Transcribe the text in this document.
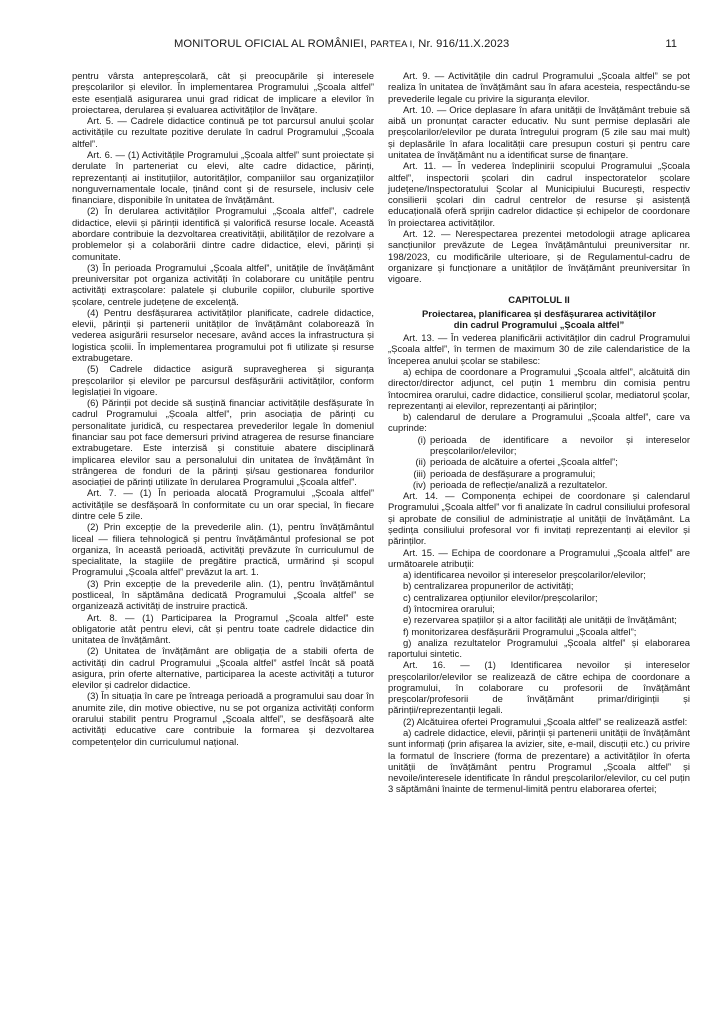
MONITORUL OFICIAL AL ROMÂNIEI, PARTEA I, Nr. 916/11.X.2023	11

pentru vârsta antepreșcolară, cât și preocupările și interesele preșcolarilor și elevilor. În implementarea Programului „Școala altfel” este esențială asigurarea unui grad ridicat de implicare a elevilor în proiectarea, derularea și evaluarea activităților de învățare.

Art. 5. — Cadrele didactice continuă pe tot parcursul anului școlar activitățile cu rezultate pozitive derulate în cadrul Programului „Școala altfel”.

Art. 6. — (1) Activitățile Programului „Școala altfel” sunt proiectate și derulate în parteneriat cu elevi, alte cadre didactice, părinți, reprezentanți ai instituțiilor, autorităților, companiilor sau organizațiilor nonguvernamentale locale, ținând cont și de resursele, inclusiv cele financiare, disponibile în unitatea de învățământ.

(2) În derularea activităților Programului „Școala altfel”, cadrele didactice, elevii și părinții identifică și valorifică resurse locale. Această abordare contribuie la dezvoltarea creativității, abilităților de rezolvare a problemelor și a colaborării dintre cadre didactice, elevi, părinți și comunitate.

(3) În perioada Programului „Școala altfel”, unitățile de învățământ preuniversitar pot organiza activități în colaborare cu unitățile pentru activități extrașcolare: palatele și cluburile copiilor, cluburile sportive școlare, centrele județene de excelență.

(4) Pentru desfășurarea activităților planificate, cadrele didactice, elevii, părinții și partenerii unităților de învățământ colaborează în vederea asigurării resurselor necesare, având acces la infrastructura și logistica școlii. În implementarea programului pot fi utilizate și resurse extrabugetare.

(5) Cadrele didactice asigură supravegherea și siguranța preșcolarilor și elevilor pe parcursul desfășurării activităților, conform legislației în vigoare.

(6) Părinții pot decide să susțină financiar activitățile desfășurate în cadrul Programului „Școala altfel”, prin asociația de părinți cu personalitate juridică, cu respectarea prevederilor legale în domeniul financiar sau pot face demersuri privind atragerea de resurse financiare extrabugetare. Este interzisă și constituie abatere disciplinară implicarea elevilor sau a personalului din unitatea de învățământ în strângerea de fonduri de la părinți și/sau gestionarea fondurilor asociației de părinți utilizate în derularea Programului „Școala altfel”.

Art. 7. — (1) În perioada alocată Programului „Școala altfel” activitățile se desfășoară în conformitate cu un orar special, în fiecare dintre cele 5 zile.

(2) Prin excepție de la prevederile alin. (1), pentru învățământul liceal — filiera tehnologică și pentru învățământul profesional se pot organiza, în această perioadă, activități prevăzute în curriculumul de specialitate, la stagiile de pregătire practică, urmărind și scopul Programului „Școala altfel” prevăzut la art. 1.

(3) Prin excepție de la prevederile alin. (1), pentru învățământul postliceal, în săptămâna dedicată Programului „Școala altfel” se organizează activități de instruire practică.

Art. 8. — (1) Participarea la Programul „Școala altfel” este obligatorie atât pentru elevi, cât și pentru toate cadrele didactice din unitatea de învățământ.

(2) Unitatea de învățământ are obligația de a stabili oferta de activități din cadrul Programului „Școala altfel” astfel încât să poată asigura, prin oferte alternative, participarea la aceste activități a tuturor elevilor și cadrelor didactice.

(3) În situația în care pe întreaga perioadă a programului sau doar în anumite zile, din motive obiective, nu se pot organiza activități conform orarului stabilit pentru Programul „Școala altfel”, se desfășoară alte activități educative care contribuie la formarea și dezvoltarea competențelor din curriculumul național.

Art. 9. — Activitățile din cadrul Programului „Școala altfel” se pot realiza în unitatea de învățământ sau în afara acesteia, respectându-se prevederile legale cu privire la siguranța elevilor.

Art. 10. — Orice deplasare în afara unității de învățământ trebuie să aibă un pronunțat caracter educativ. Nu sunt permise deplasări ale preșcolarilor/elevilor pe durata întregului program (5 zile sau mai mult) și deplasările în afara localității care presupun costuri și pentru care unitatea de învățământ nu a identificat surse de finanțare.

Art. 11. — În vederea îndeplinirii scopului Programului „Școala altfel”, inspectorii școlari din cadrul inspectoratelor școlare județene/Inspectoratului Școlar al Municipiului București, respectiv consilierii școlari din cadrul centrelor de resurse și asistență educațională oferă sprijin cadrelor didactice și echipelor de coordonare în proiectarea activităților.

Art. 12. — Nerespectarea prezentei metodologii atrage aplicarea sancțiunilor prevăzute de Legea învățământului preuniversitar nr. 198/2023, cu modificările ulterioare, și de Regulamentul-cadru de organizare și funcționare a unităților de învățământ preuniversitar în vigoare.

CAPITOLUL II
Proiectarea, planificarea și desfășurarea activităților
din cadrul Programului „Școala altfel”

Art. 13. — În vederea planificării activităților din cadrul Programului „Școala altfel”, în termen de maximum 30 de zile calendaristice de la începerea anului școlar se stabilesc:

a) echipa de coordonare a Programului „Școala altfel”, alcătuită din director/director adjunct, cel puțin 1 membru din comisia pentru întocmirea orarului, cadre didactice, consilierul școlar, mediatorul școlar, reprezentanți ai elevilor, reprezentanți ai părinților;

b) calendarul de derulare a Programului „Școala altfel”, care va cuprinde:

(i) perioada de identificare a nevoilor și intereselor preșcolarilor/elevilor;

(ii) perioada de alcătuire a ofertei „Școala altfel”;

(iii) perioada de desfășurare a programului;

(iv) perioada de reflecție/analiză a rezultatelor.

Art. 14. — Componența echipei de coordonare și calendarul Programului „Școala altfel” vor fi analizate în cadrul consiliului profesoral și aprobate de consiliul de administrație al unității de învățământ. La ședința consiliului profesoral vor fi invitați reprezentanți ai elevilor și părinților.

Art. 15. — Echipa de coordonare a Programului „Școala altfel” are următoarele atribuții:

a) identificarea nevoilor și intereselor preșcolarilor/elevilor;

b) centralizarea propunerilor de activități;

c) centralizarea opțiunilor elevilor/preșcolarilor;

d) întocmirea orarului;

e) rezervarea spațiilor și a altor facilități ale unității de învățământ;

f) monitorizarea desfășurării Programului „Școala altfel”;

g) analiza rezultatelor Programului „Școala altfel” și elaborarea raportului sintetic.

Art. 16. — (1) Identificarea nevoilor și intereselor preșcolarilor/elevilor se realizează de către echipa de coordonare a programului, în colaborare cu profesorii de învățământ preșcolar/profesorii de învățământ primar/diriginții și părinții/reprezentanții legali.

(2) Alcătuirea ofertei Programului „Școala altfel” se realizează astfel:

a) cadrele didactice, elevii, părinții și partenerii unității de învățământ sunt informați (prin afișarea la avizier, site, e-mail, discuții etc.) cu privire la formatul de înscriere (forma de prezentare) a activităților în oferta unității de învățământ pentru Programul „Școala altfel” și nevoile/interesele identificate în rândul preșcolarilor/elevilor, cu cel puțin 3 săptămâni înainte de termenul-limită pentru elaborarea ofertei;
